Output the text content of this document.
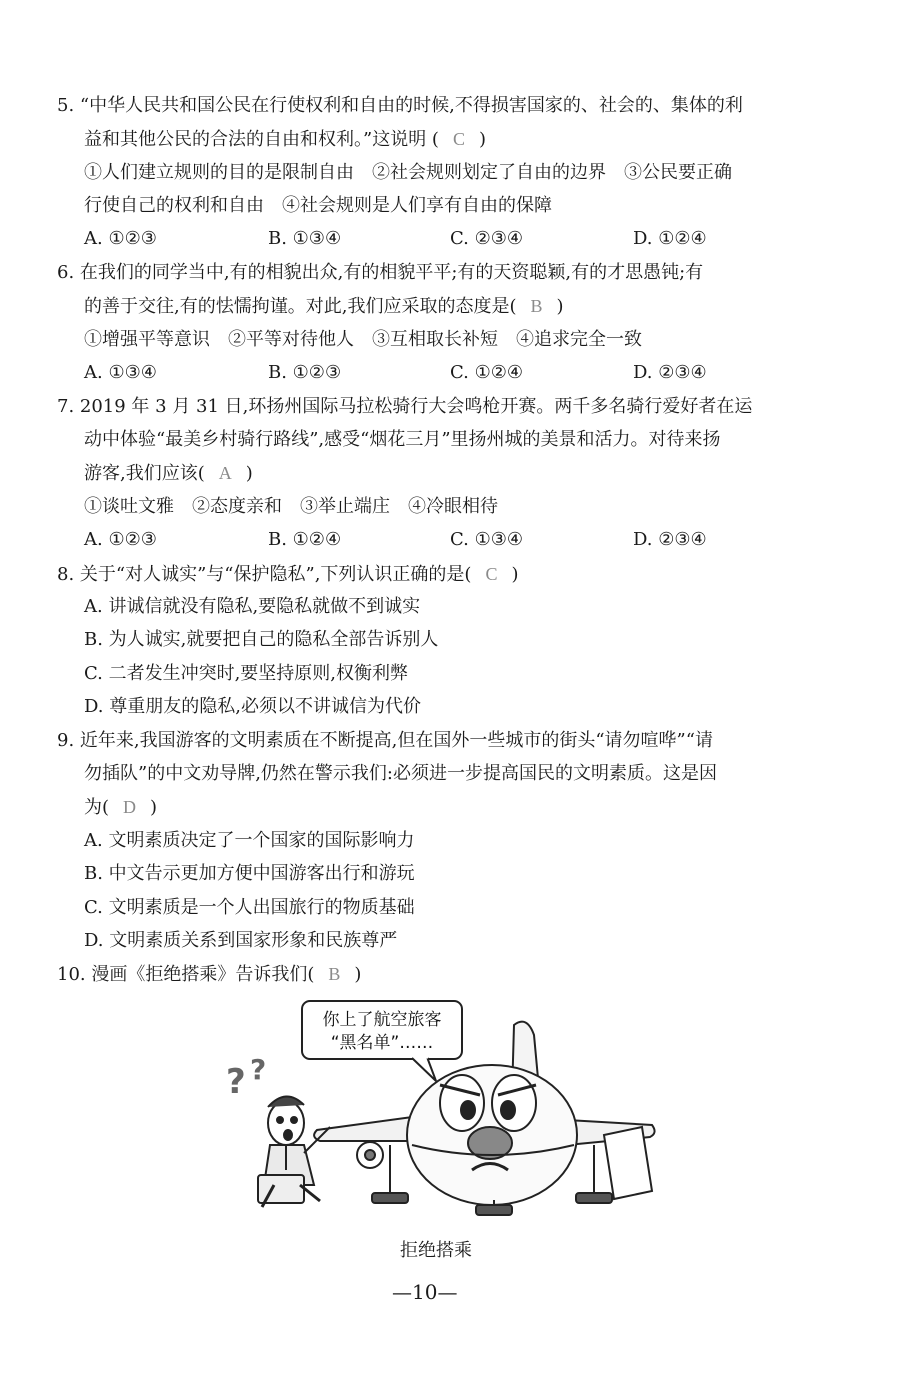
5. “中华人民共和国公民在行使权利和自由的时候,不得损害国家的、社会的、集体的利
益和其他公民的合法的自由和权利。”这说明 ( C )
①人们建立规则的目的是限制自由　②社会规则划定了自由的边界　③公民要正确
行使自己的权利和自由　④社会规则是人们享有自由的保障
A. ①②③	B. ①③④	C. ②③④	D. ①②④
6. 在我们的同学当中,有的相貌出众,有的相貌平平;有的天资聪颖,有的才思愚钝;有
的善于交往,有的怯懦拘谨。对此,我们应采取的态度是( B )
①增强平等意识　②平等对待他人　③互相取长补短　④追求完全一致
A. ①③④	B. ①②③	C. ①②④	D. ②③④
7. 2019 年 3 月 31 日,环扬州国际马拉松骑行大会鸣枪开赛。两千多名骑行爱好者在运
动中体验“最美乡村骑行路线”,感受“烟花三月”里扬州城的美景和活力。对待来扬
游客,我们应该( A )
①谈吐文雅　②态度亲和　③举止端庄　④冷眼相待
A. ①②③	B. ①②④	C. ①③④	D. ②③④
8. 关于“对人诚实”与“保护隐私”,下列认识正确的是( C )
A. 讲诚信就没有隐私,要隐私就做不到诚实
B. 为人诚实,就要把自己的隐私全部告诉别人
C. 二者发生冲突时,要坚持原则,权衡利弊
D. 尊重朋友的隐私,必须以不讲诚信为代价
9. 近年来,我国游客的文明素质在不断提高,但在国外一些城市的街头“请勿喧哗”“请
勿插队”的中文劝导牌,仍然在警示我们:必须进一步提高国民的文明素质。这是因
为( D )
A. 文明素质决定了一个国家的国际影响力
B. 中文告示更加方便中国游客出行和游玩
C. 文明素质是一个人出国旅行的物质基础
D. 文明素质关系到国家形象和民族尊严
10. 漫画《拒绝搭乘》告诉我们( B )
你上了航空旅客
“黑名单”……
? ?
拒绝搭乘
—10—
